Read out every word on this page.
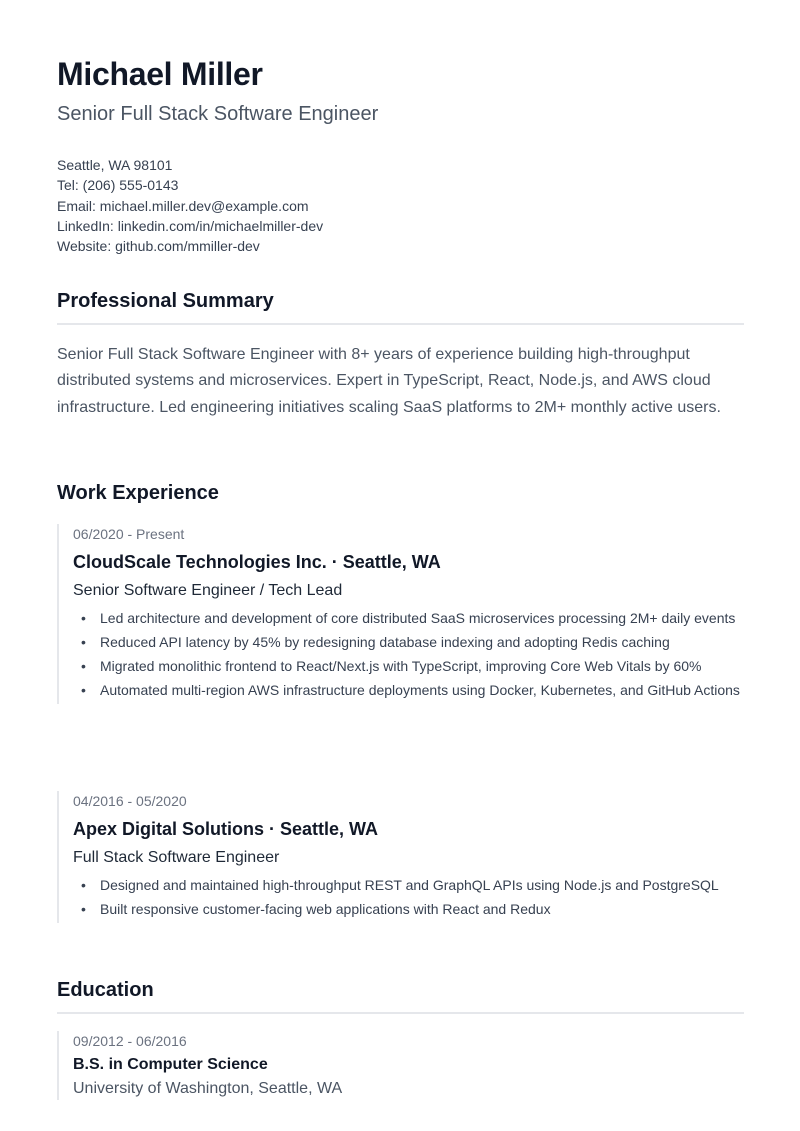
Michael Miller
Senior Full Stack Software Engineer
Seattle, WA 98101
Tel: (206) 555-0143
Email: michael.miller.dev@example.com
LinkedIn: linkedin.com/in/michaelmiller-dev
Website: github.com/mmiller-dev
Professional Summary
Senior Full Stack Software Engineer with 8+ years of experience building high-throughput distributed systems and microservices. Expert in TypeScript, React, Node.js, and AWS cloud infrastructure. Led engineering initiatives scaling SaaS platforms to 2M+ monthly active users.
Work Experience
06/2020 - Present
CloudScale Technologies Inc. · Seattle, WA
Senior Software Engineer / Tech Lead
• Led architecture and development of core distributed SaaS microservices processing 2M+ daily events
• Reduced API latency by 45% by redesigning database indexing and adopting Redis caching
• Migrated monolithic frontend to React/Next.js with TypeScript, improving Core Web Vitals by 60%
• Automated multi-region AWS infrastructure deployments using Docker, Kubernetes, and GitHub Actions
04/2016 - 05/2020
Apex Digital Solutions · Seattle, WA
Full Stack Software Engineer
• Designed and maintained high-throughput REST and GraphQL APIs using Node.js and PostgreSQL
• Built responsive customer-facing web applications with React and Redux
Education
09/2012 - 06/2016
B.S. in Computer Science
University of Washington, Seattle, WA
